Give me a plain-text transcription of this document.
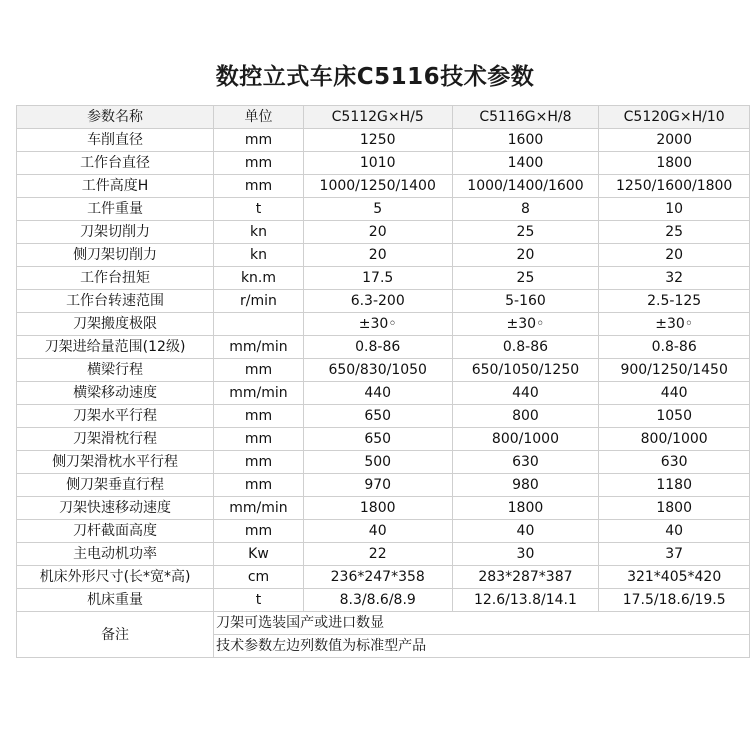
数控立式车床C5116技术参数
参数名称	单位	C5112G×H/5	C5116G×H/8	C5120G×H/10
车削直径	mm	1250	1600	2000
工作台直径	mm	1010	1400	1800
工件高度H	mm	1000/1250/1400	1000/1400/1600	1250/1600/1800
工件重量	t	5	8	10
刀架切削力	kn	20	25	25
侧刀架切削力	kn	20	20	20
工作台扭矩	kn.m	17.5	25	32
工作台转速范围	r/min	6.3-200	5-160	2.5-125
刀架搬度极限		±30◦	±30◦	±30◦
刀架进给量范围(12级)	mm/min	0.8-86	0.8-86	0.8-86
横梁行程	mm	650/830/1050	650/1050/1250	900/1250/1450
横梁移动速度	mm/min	440	440	440
刀架水平行程	mm	650	800	1050
刀架滑枕行程	mm	650	800/1000	800/1000
侧刀架滑枕水平行程	mm	500	630	630
侧刀架垂直行程	mm	970	980	1180
刀架快速移动速度	mm/min	1800	1800	1800
刀杆截面高度	mm	40	40	40
主电动机功率	Kw	22	30	37
机床外形尺寸(长*宽*高)	cm	236*247*358	283*287*387	321*405*420
机床重量	t	8.3/8.6/8.9	12.6/13.8/14.1	17.5/18.6/19.5
备注	刀架可选装国产或进口数显			
	技术参数左边列数值为标准型产品			
